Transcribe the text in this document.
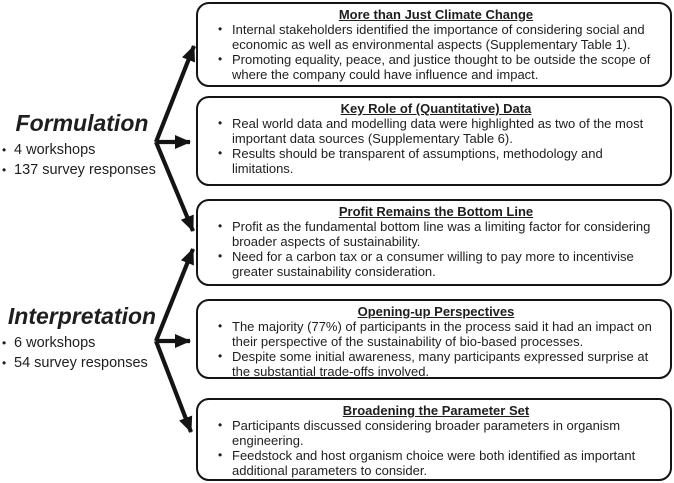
Formulation
• 4 workshops
• 137 survey responses
Interpretation
• 6 workshops
• 54 survey responses
More than Just Climate Change
• Internal stakeholders identified the importance of considering social and economic as well as environmental aspects (Supplementary Table 1).
• Promoting equality, peace, and justice thought to be outside the scope of where the company could have influence and impact.
Key Role of (Quantitative) Data
• Real world data and modelling data were highlighted as two of the most important data sources (Supplementary Table 6).
• Results should be transparent of assumptions, methodology and limitations.
Profit Remains the Bottom Line
• Profit as the fundamental bottom line was a limiting factor for considering broader aspects of sustainability.
• Need for a carbon tax or a consumer willing to pay more to incentivise greater sustainability consideration.
Opening-up Perspectives
• The majority (77%) of participants in the process said it had an impact on their perspective of the sustainability of bio-based processes.
• Despite some initial awareness, many participants expressed surprise at the substantial trade-offs involved.
Broadening the Parameter Set
• Participants discussed considering broader parameters in organism engineering.
• Feedstock and host organism choice were both identified as important additional parameters to consider.
